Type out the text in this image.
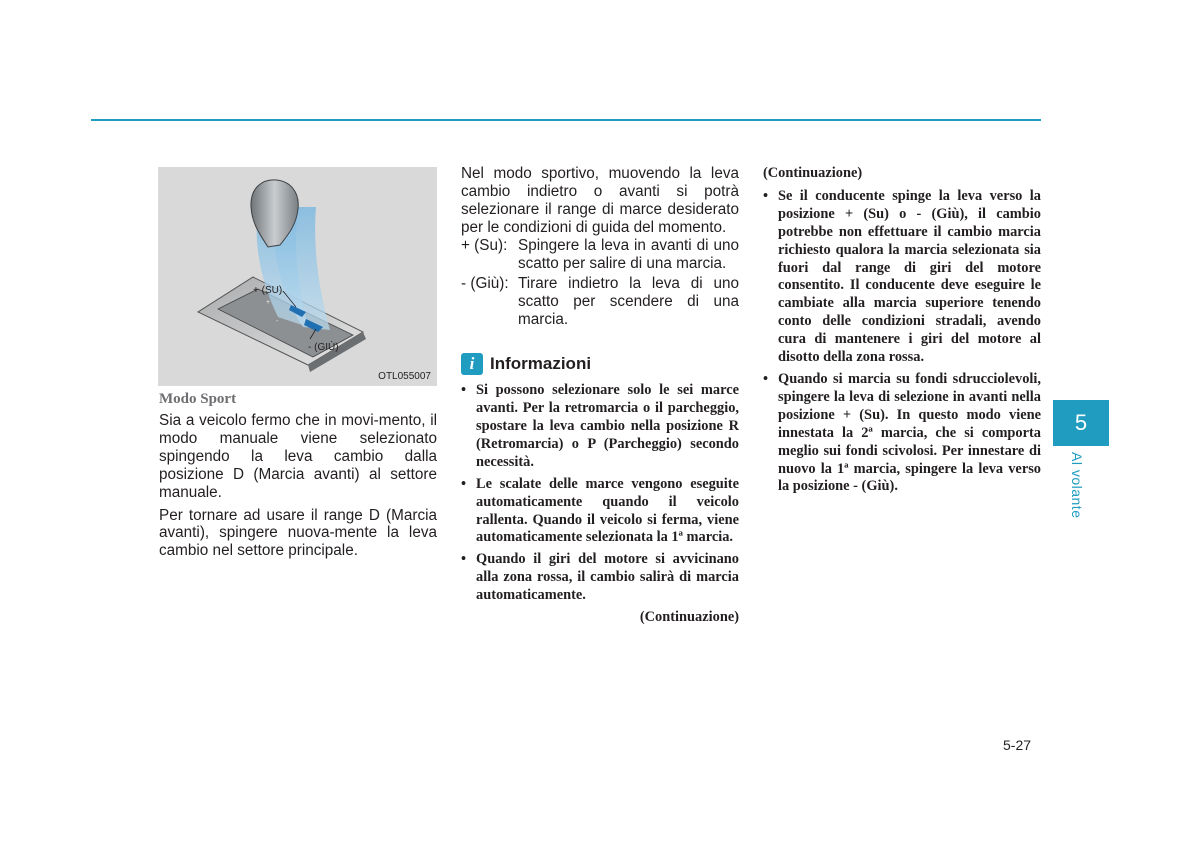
+
-
+ (SU)
- (GIÙ)
OTL055007
Modo Sport

Sia a veicolo fermo che in movi-mento, il modo manuale viene selezionato spingendo la leva cambio dalla posizione D (Marcia avanti) al settore manuale.

Per tornare ad usare il range D (Marcia avanti), spingere nuova-mente la leva cambio nel settore principale.

Nel modo sportivo, muovendo la leva cambio indietro o avanti si potrà selezionare il range di marce desiderato per le condizioni di guida del momento.

+ (Su): Spingere la leva in avanti di uno scatto per salire di una marcia.
- (Giù): Tirare indietro la leva di uno scatto per scendere di una marcia.
i Informazioni
• Si possono selezionare solo le sei marce avanti. Per la retromarcia o il parcheggio, spostare la leva cambio nella posizione R (Retromarcia) o P (Parcheggio) secondo necessità.
• Le scalate delle marce vengono eseguite automaticamente quando il veicolo rallenta. Quando il veicolo si ferma, viene automaticamente selezionata la 1ª marcia.
• Quando il giri del motore si avvicinano alla zona rossa, il cambio salirà di marcia automaticamente.
(Continuazione)
(Continuazione)
• Se il conducente spinge la leva verso la posizione + (Su) o - (Giù), il cambio potrebbe non effettuare il cambio marcia richiesto qualora la marcia selezionata sia fuori dal range di giri del motore consentito. Il conducente deve eseguire le cambiate alla marcia superiore tenendo conto delle condizioni stradali, avendo cura di mantenere i giri del motore al disotto della zona rossa.
• Quando si marcia su fondi sdrucciolevoli, spingere la leva di selezione in avanti nella posizione + (Su). In questo modo viene innestata la 2ª marcia, che si comporta meglio sui fondi scivolosi. Per innestare di nuovo la 1ª marcia, spingere la leva verso la posizione - (Giù).
5
Al volante
5-27
